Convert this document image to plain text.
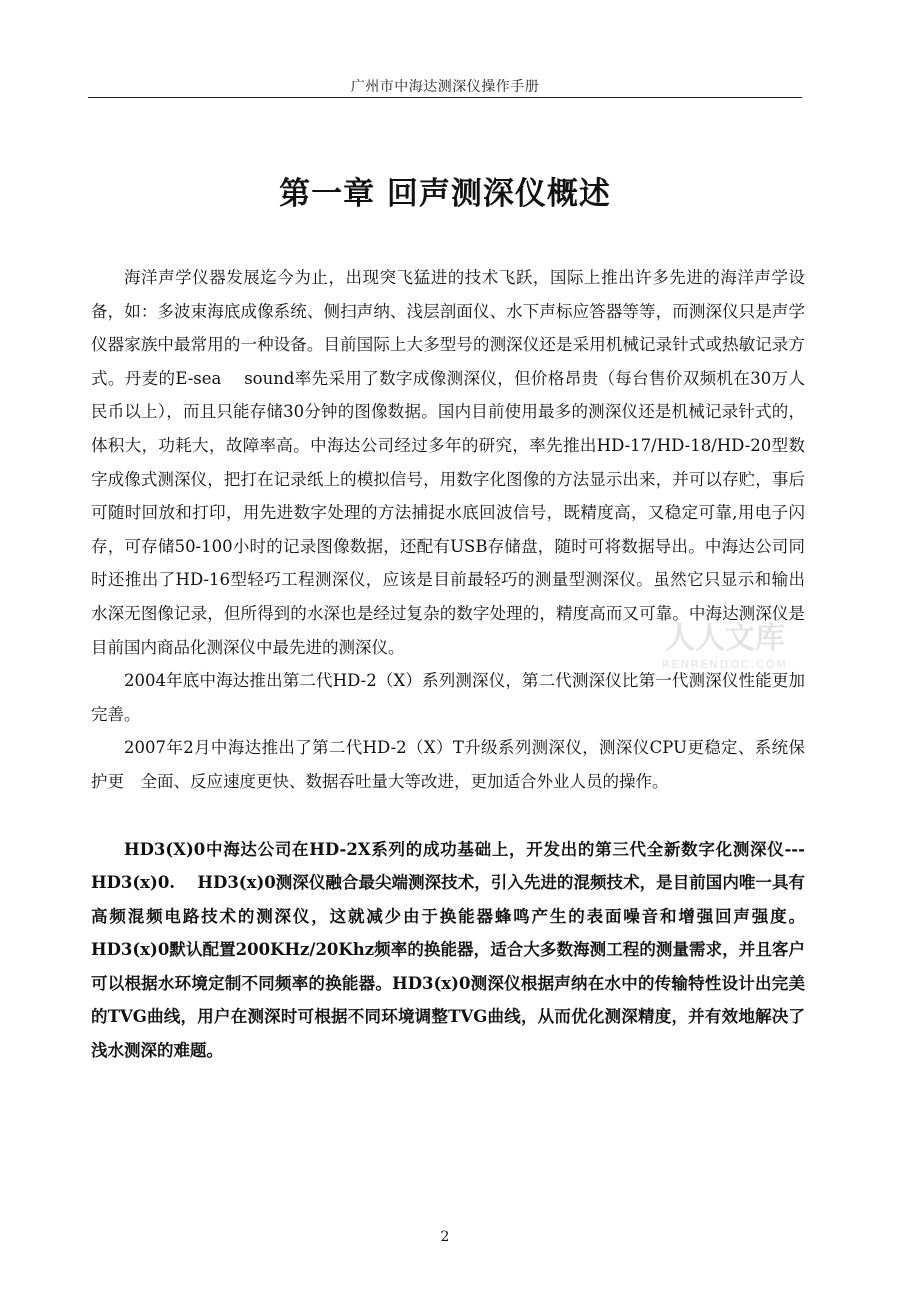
广州市中海达测深仪操作手册
第一章 回声测深仪概述

海洋声学仪器发展迄今为止，出现突飞猛进的技术飞跃，国际上推出许多先进的海洋声学设备，如：多波束海底成像系统、侧扫声纳、浅层剖面仪、水下声标应答器等等，而测深仪只是声学仪器家族中最常用的一种设备。目前国际上大多型号的测深仪还是采用机械记录针式或热敏记录方式。丹麦的E-sea　 sound率先采用了数字成像测深仪，但价格昂贵（每台售价双频机在30万人民币以上），而且只能存储30分钟的图像数据。国内目前使用最多的测深仪还是机械记录针式的，体积大，功耗大，故障率高。中海达公司经过多年的研究，率先推出HD-17/HD-18/HD-20型数字成像式测深仪，把打在记录纸上的模拟信号，用数字化图像的方法显示出来，并可以存贮，事后可随时回放和打印，用先进数字处理的方法捕捉水底回波信号，既精度高，又稳定可靠,用电子闪存，可存储50-100小时的记录图像数据，还配有USB存储盘，随时可将数据导出。中海达公司同时还推出了HD-16型轻巧工程测深仪，应该是目前最轻巧的测量型测深仪。虽然它只显示和输出水深无图像记录，但所得到的水深也是经过复杂的数字处理的，精度高而又可靠。中海达测深仪是目前国内商品化测深仪中最先进的测深仪。

2004年底中海达推出第二代HD-2（X）系列测深仪，第二代测深仪比第一代测深仪性能更加完善。

2007年2月中海达推出了第二代HD-2（X）T升级系列测深仪，测深仪CPU更稳定、系统保护更　全面、反应速度更快、数据吞吐量大等改进，更加适合外业人员的操作。

HD3(X)0中海达公司在HD-2X系列的成功基础上，开发出的第三代全新数字化测深仪---HD3(x)0.　 HD3(x)0测深仪融合最尖端测深技术，引入先进的混频技术，是目前国内唯一具有高频混频电路技术的测深仪，这就减少由于换能器蜂鸣产生的表面噪音和增强回声强度。HD3(x)0默认配置200KHz/20Khz频率的换能器，适合大多数海测工程的测量需求，并且客户可以根据水环境定制不同频率的换能器。HD3(x)0测深仪根据声纳在水中的传输特性设计出完美的TVG曲线，用户在测深时可根据不同环境调整TVG曲线，从而优化测深精度，并有效地解决了浅水测深的难题。

人人文库
RENRENDOC.COM
2
